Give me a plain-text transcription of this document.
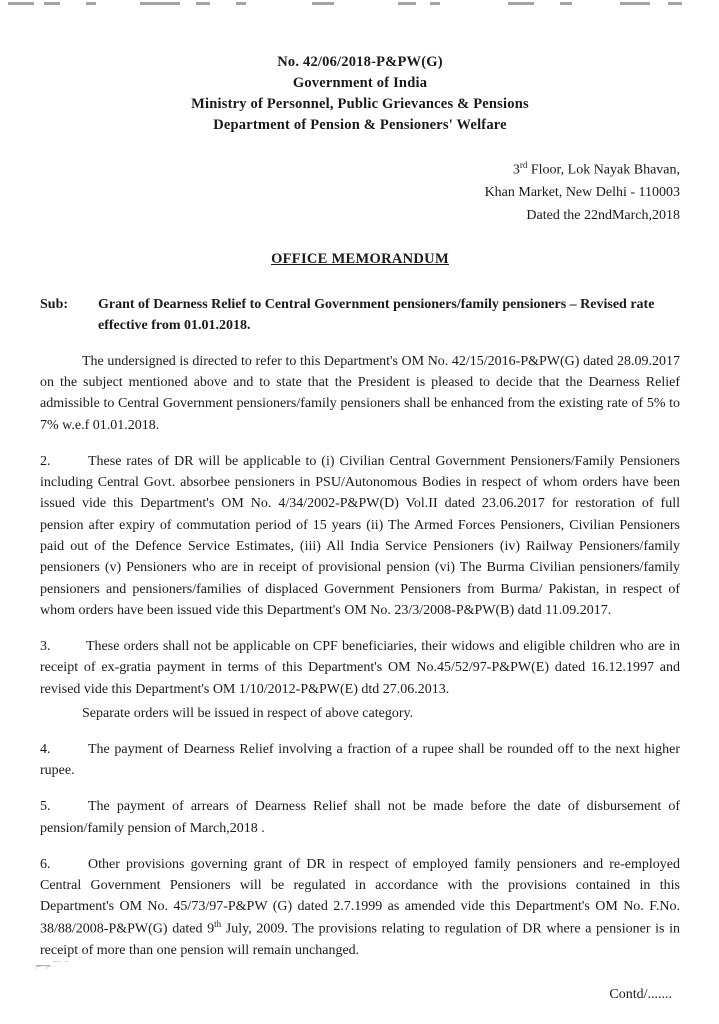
No. 42/06/2018-P&PW(G)
Government of India
Ministry of Personnel, Public Grievances & Pensions
Department of Pension & Pensioners' Welfare
3rd Floor, Lok Nayak Bhavan,
Khan Market, New Delhi - 110003
Dated the 22ndMarch,2018
OFFICE MEMORANDUM
Sub:	Grant of Dearness Relief to Central Government pensioners/family pensioners – Revised rate effective from 01.01.2018.

The undersigned is directed to refer to this Department's OM No. 42/15/2016-P&PW(G) dated 28.09.2017 on the subject mentioned above and to state that the President is pleased to decide that the Dearness Relief admissible to Central Government pensioners/family pensioners shall be enhanced from the existing rate of 5% to 7% w.e.f 01.01.2018.

2.	These rates of DR will be applicable to (i) Civilian Central Government Pensioners/Family Pensioners including Central Govt. absorbee pensioners in PSU/Autonomous Bodies in respect of whom orders have been issued vide this Department's OM No. 4/34/2002-P&PW(D) Vol.II dated 23.06.2017 for restoration of full pension after expiry of commutation period of 15 years (ii) The Armed Forces Pensioners, Civilian Pensioners paid out of the Defence Service Estimates, (iii) All India Service Pensioners (iv) Railway Pensioners/family pensioners (v) Pensioners who are in receipt of provisional pension (vi) The Burma Civilian pensioners/family pensioners and pensioners/families of displaced Government Pensioners from Burma/ Pakistan, in respect of whom orders have been issued vide this Department's OM No. 23/3/2008-P&PW(B) datd 11.09.2017.

3.	These orders shall not be applicable on CPF beneficiaries, their widows and eligible children who are in receipt of ex-gratia payment in terms of this Department's OM No.45/52/97-P&PW(E) dated 16.12.1997 and revised vide this Department's OM 1/10/2012-P&PW(E) dtd 27.06.2013.

Separate orders will be issued in respect of above category.

4.	The payment of Dearness Relief involving a fraction of a rupee shall be rounded off to the next higher rupee.

5.	The payment of arrears of Dearness Relief shall not be made before the date of disbursement of pension/family pension of March,2018 .

6.	Other provisions governing grant of DR in respect of employed family pensioners and re-employed Central Government Pensioners will be regulated in accordance with the provisions contained in this Department's OM No. 45/73/97-P&PW (G) dated 2.7.1999 as amended vide this Department's OM No. F.No. 38/88/2008-P&PW(G) dated 9th July, 2009. The provisions relating to regulation of DR where a pensioner is in receipt of more than one pension will remain unchanged.

Contd/.......
⌐ ⌐‾‾ ‾
